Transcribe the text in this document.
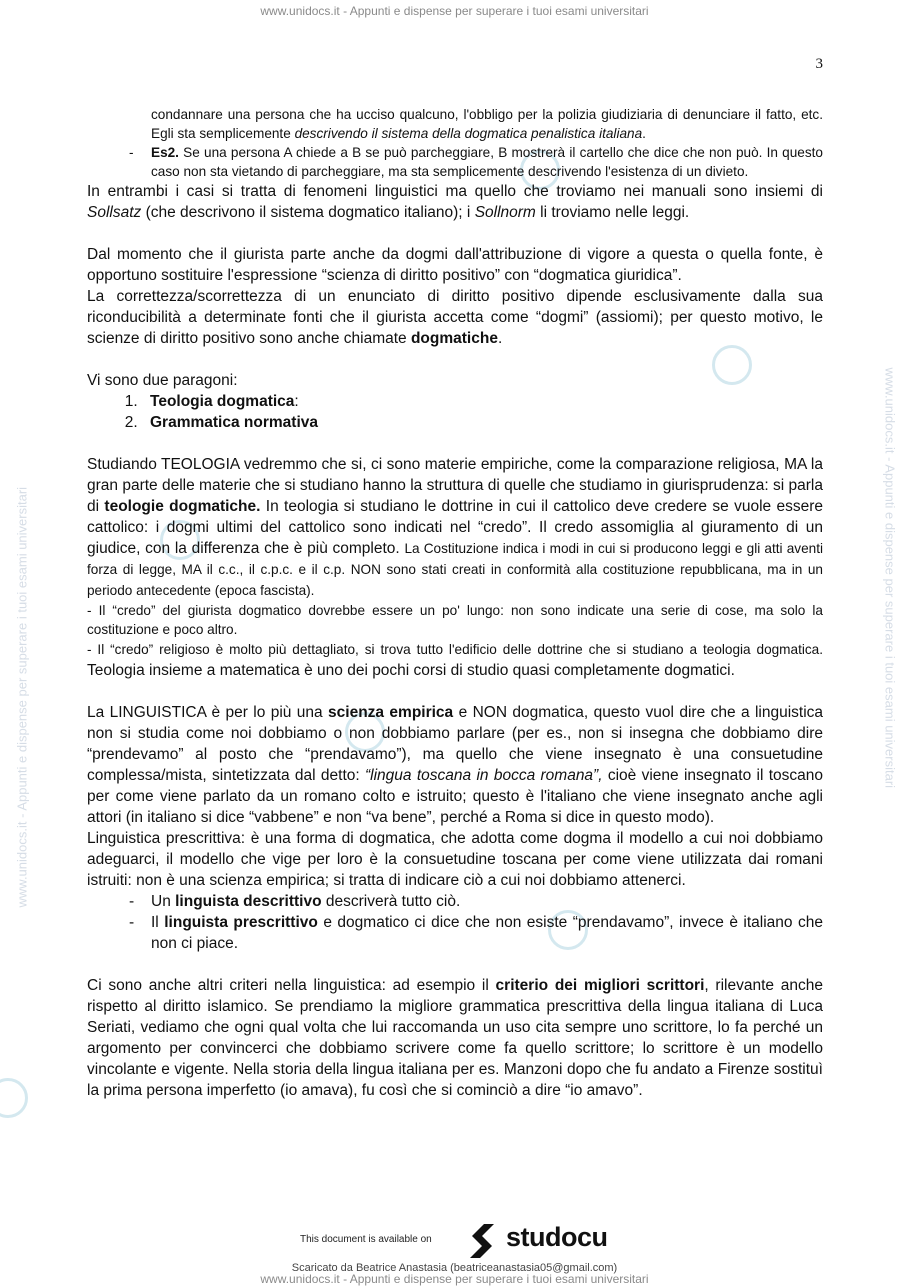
www.unidocs.it - Appunti e dispense per superare i tuoi esami universitari
www.unidocs.it - Appunti e dispense per superare i tuoi esami universitari	www.unidocs.it - Appunti e dispense per superare i tuoi esami universitari
3

condannare una persona che ha ucciso qualcuno, l'obbligo per la polizia giudiziaria di denunciare il fatto, etc. Egli sta semplicemente descrivendo il sistema della dogmatica penalistica italiana.

- Es2. Se una persona A chiede a B se può parcheggiare, B mostrerà il cartello che dice che non può. In questo caso non sta vietando di parcheggiare, ma sta semplicemente descrivendo l'esistenza di un divieto.

In entrambi i casi si tratta di fenomeni linguistici ma quello che troviamo nei manuali sono insiemi di Sollsatz (che descrivono il sistema dogmatico italiano); i Sollnorm li troviamo nelle leggi.

Dal momento che il giurista parte anche da dogmi dall'attribuzione di vigore a questa o quella fonte, è opportuno sostituire l'espressione “scienza di diritto positivo” con “dogmatica giuridica”.

La correttezza/scorrettezza di un enunciato di diritto positivo dipende esclusivamente dalla sua riconducibilità a determinate fonti che il giurista accetta come “dogmi” (assiomi); per questo motivo, le scienze di diritto positivo sono anche chiamate dogmatiche.

Vi sono due paragoni:

1. Teologia dogmatica:
2. Grammatica normativa

Studiando TEOLOGIA vedremmo che si, ci sono materie empiriche, come la comparazione religiosa, MA la gran parte delle materie che si studiano hanno la struttura di quelle che studiamo in giurisprudenza: si parla di teologie dogmatiche. In teologia si studiano le dottrine in cui il cattolico deve credere se vuole essere cattolico: i dogmi ultimi del cattolico sono indicati nel “credo”. Il credo assomiglia al giuramento di un giudice, con la differenza che è più completo. La Costituzione indica i modi in cui si producono leggi e gli atti aventi forza di legge, MA il c.c., il c.p.c. e il c.p. NON sono stati creati in conformità alla costituzione repubblicana, ma in un periodo antecedente (epoca fascista).

- Il “credo” del giurista dogmatico dovrebbe essere un po' lungo: non sono indicate una serie di cose, ma solo la costituzione e poco altro.

- Il “credo” religioso è molto più dettagliato, si trova tutto l'edificio delle dottrine che si studiano a teologia dogmatica. Teologia insieme a matematica è uno dei pochi corsi di studio quasi completamente dogmatici.

La LINGUISTICA è per lo più una scienza empirica e NON dogmatica, questo vuol dire che a linguistica non si studia come noi dobbiamo o non dobbiamo parlare (per es., non si insegna che dobbiamo dire “prendevamo” al posto che “prendavamo”), ma quello che viene insegnato è una consuetudine complessa/mista, sintetizzata dal detto: “lingua toscana in bocca romana”, cioè viene insegnato il toscano per come viene parlato da un romano colto e istruito; questo è l'italiano che viene insegnato anche agli attori (in italiano si dice “vabbene” e non “va bene”, perché a Roma si dice in questo modo).

Linguistica prescrittiva: è una forma di dogmatica, che adotta come dogma il modello a cui noi dobbiamo adeguarci, il modello che vige per loro è la consuetudine toscana per come viene utilizzata dai romani istruiti: non è una scienza empirica; si tratta di indicare ciò a cui noi dobbiamo attenerci.

- Un linguista descrittivo descriverà tutto ciò.

- Il linguista prescrittivo e dogmatico ci dice che non esiste “prendavamo”, invece è italiano che non ci piace.

Ci sono anche altri criteri nella linguistica: ad esempio il criterio dei migliori scrittori, rilevante anche rispetto al diritto islamico. Se prendiamo la migliore grammatica prescrittiva della lingua italiana di Luca Seriati, vediamo che ogni qual volta che lui raccomanda un uso cita sempre uno scrittore, lo fa perché un argomento per convincerci che dobbiamo scrivere come fa quello scrittore; lo scrittore è un modello vincolante e vigente. Nella storia della lingua italiana per es. Manzoni dopo che fu andato a Firenze sostituì la prima persona imperfetto (io amava), fu così che si cominciò a dire “io amavo”.

This document is available on	studocu
Scaricato da Beatrice Anastasia (beatriceanastasia05@gmail.com)
www.unidocs.it - Appunti e dispense per superare i tuoi esami universitari
